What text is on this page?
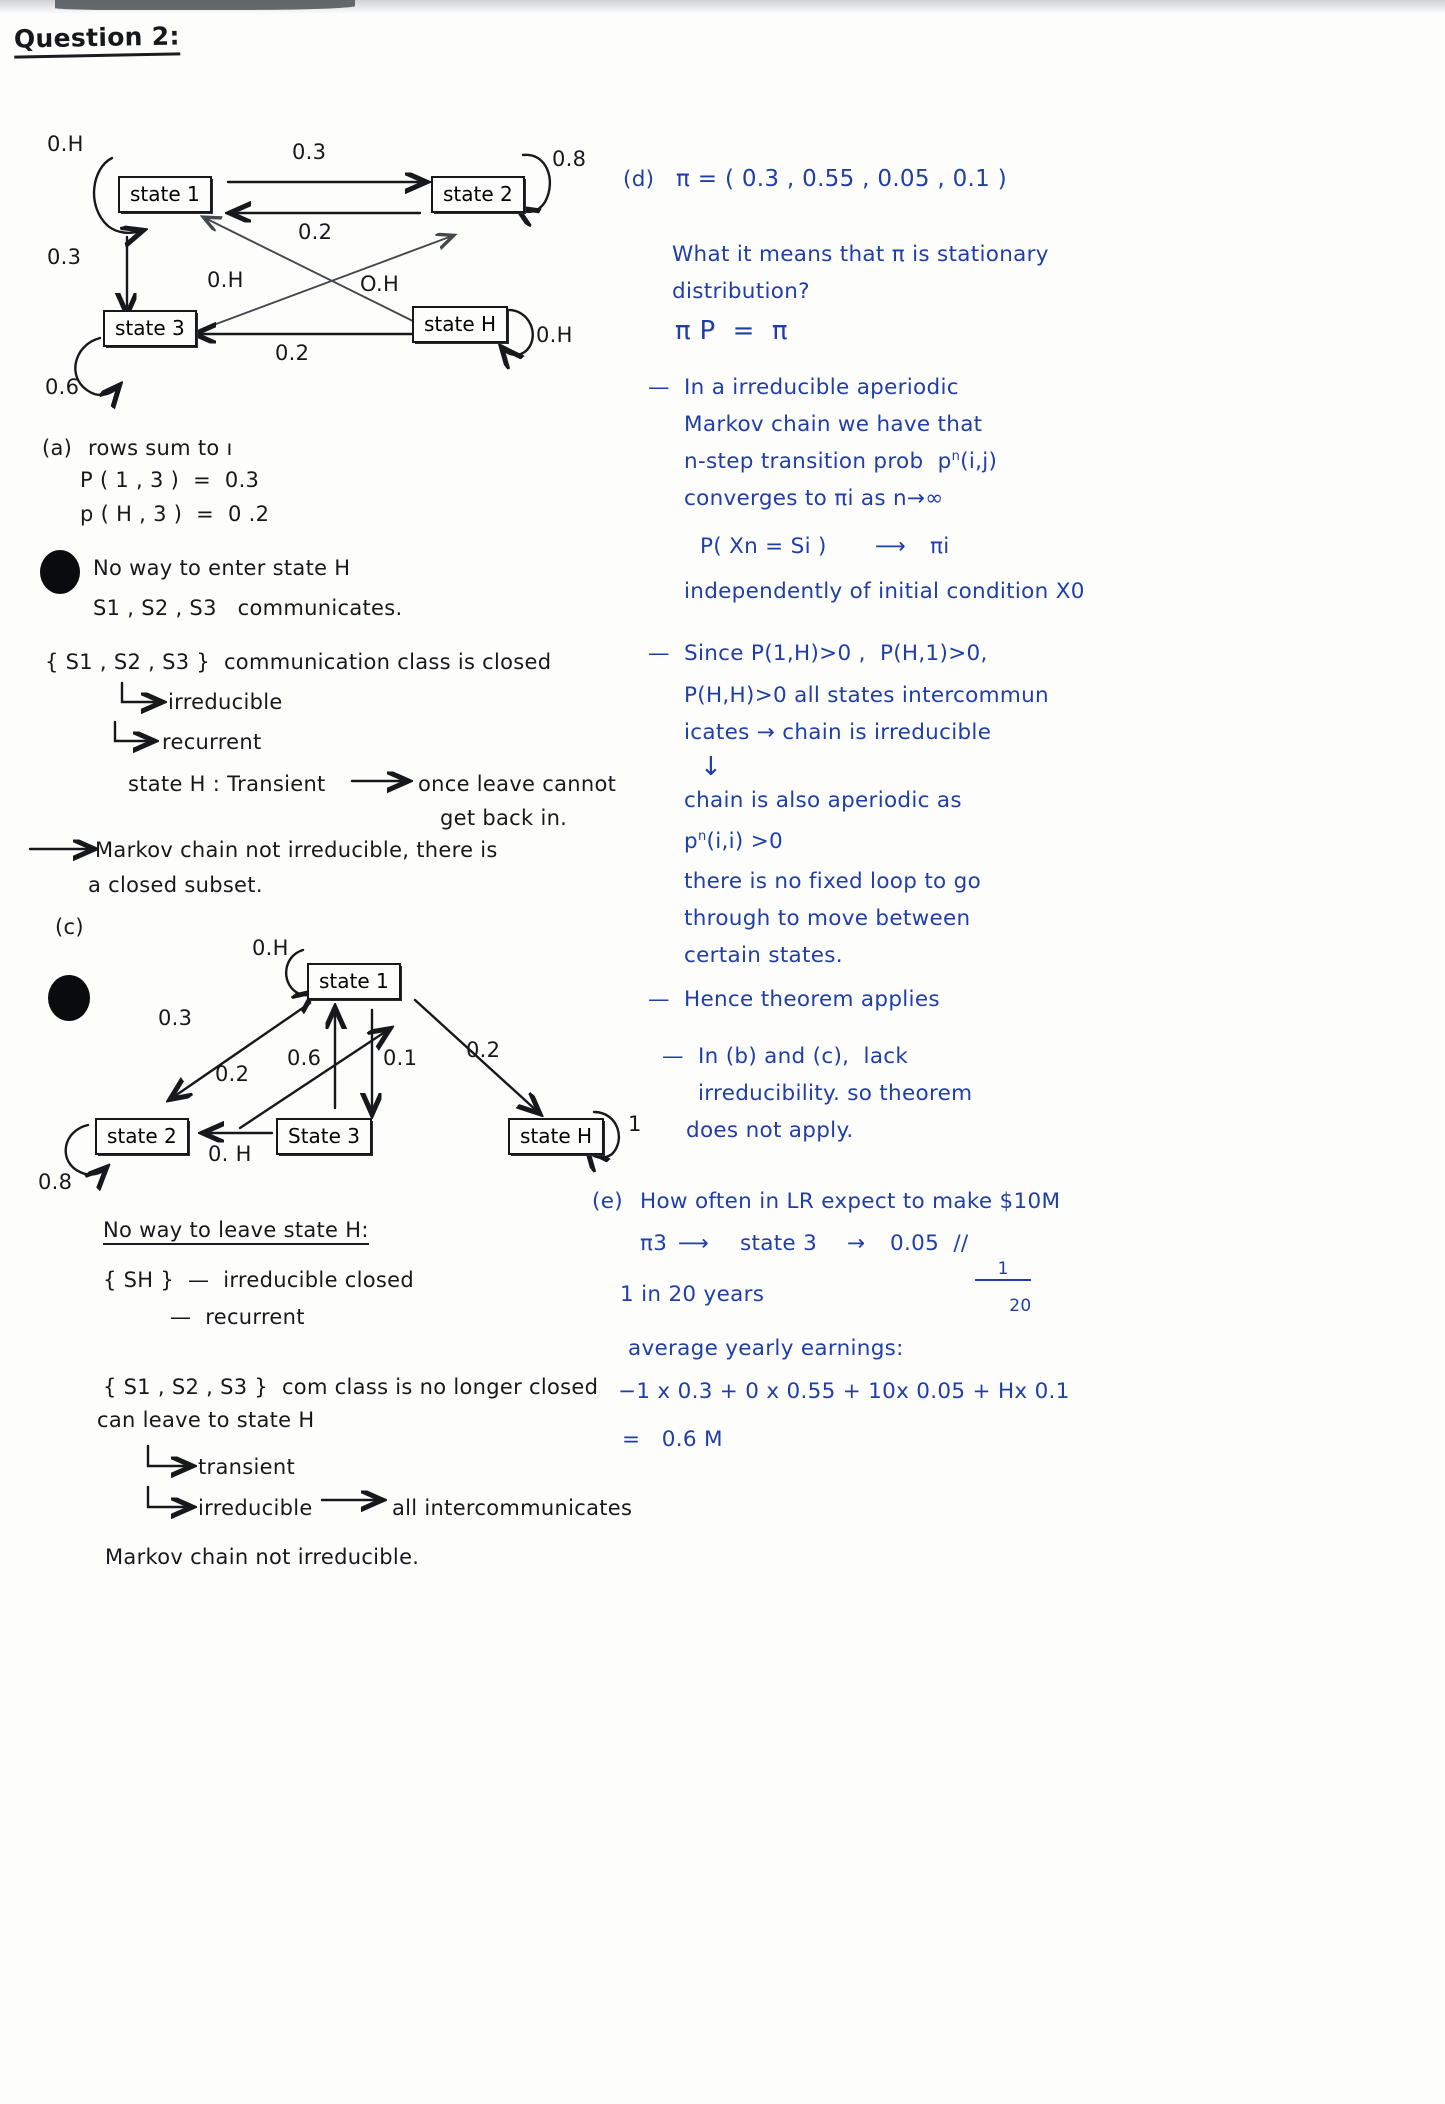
Question 2:
state 1	state 2
state 3	state H
0.H	0.3
0.2
0.3
0.8
0.H	O.H
0.2
0.6
0.H
(a) rows sum to ı
P ( 1 , 3 )  =  0.3
p ( H , 3 )  =  0 .2
No way to enter state H
S1 , S2 , S3   communicates.
{ S1 , S2 , S3 }  communication class is closed
irreducible
recurrent
state H : Transient	once leave cannot
get back in.
Markov chain not irreducible, there is
a closed subset.
(c)
state 1
state 2	State 3	state H
0.H
0.3
0.2
0.6	0.1 0.2
0. H
0.8
1
No way to leave state H:
{ SH }  —  irreducible closed
—  recurrent
{ S1 , S2 , S3 }  com class is no longer closed
can leave to state H
transient
irreducible	all intercommunicates
Markov chain not irreducible.
(d) π = ( 0.3 , 0.55 , 0.05 , 0.1 )
What it means that π is stationary
distribution?
π P  =  π
— In a irreducible aperiodic
Markov chain we have that
n-step transition prob  $p^n(i,j)$
converges to πi as n→∞
P( Xn = Si ) ⟶ πi
independently of initial condition X0
— Since P(1,H)>0 ,  P(H,1)>0,
P(H,H)>0 all states intercommun
icates → chain is irreducible
↓
chain is also aperiodic as
$p^n(i,i) >0$
there is no fixed loop to go
through to move between
certain states.
— Hence theorem applies
— In (b) and (c),  lack
irreducibility. so theorem
does not apply.
(e) How often in LR expect to make $10M
π3 ⟶ state 3 → 0.05  //

$\frac{1}{20}$

1 in 20 years
average yearly earnings:
−1 x 0.3 + 0 x 0.55 + 10x 0.05 + Hx 0.1
=   0.6 M
